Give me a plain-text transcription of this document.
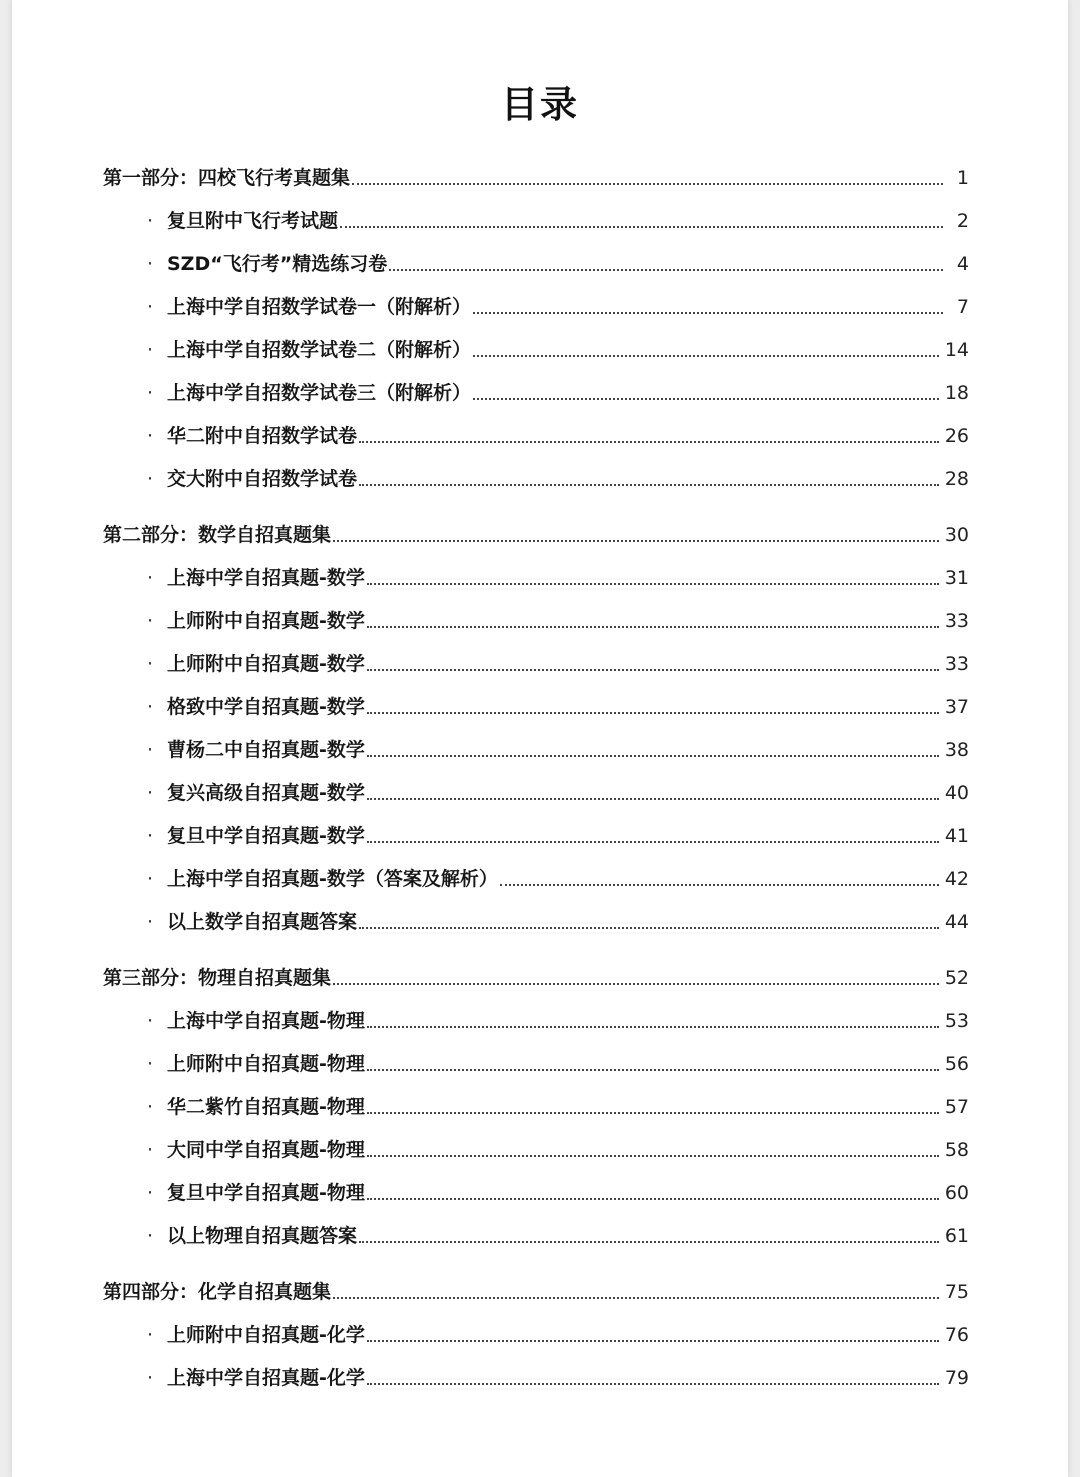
目录
第一部分：四校飞行考真题集	1
· 复旦附中飞行考试题	2
· SZD“飞行考”精选练习卷	4
· 上海中学自招数学试卷一（附解析）	7
· 上海中学自招数学试卷二（附解析）	14
· 上海中学自招数学试卷三（附解析）	18
· 华二附中自招数学试卷	26
· 交大附中自招数学试卷	28
第二部分：数学自招真题集	30
· 上海中学自招真题-数学	31
· 上师附中自招真题-数学	33
· 上师附中自招真题-数学	33
· 格致中学自招真题-数学	37
· 曹杨二中自招真题-数学	38
· 复兴高级自招真题-数学	40
· 复旦中学自招真题-数学	41
· 上海中学自招真题-数学（答案及解析）	42
· 以上数学自招真题答案	44
第三部分：物理自招真题集	52
· 上海中学自招真题-物理	53
· 上师附中自招真题-物理	56
· 华二紫竹自招真题-物理	57
· 大同中学自招真题-物理	58
· 复旦中学自招真题-物理	60
· 以上物理自招真题答案	61
第四部分：化学自招真题集	75
· 上师附中自招真题-化学	76
· 上海中学自招真题-化学	79
